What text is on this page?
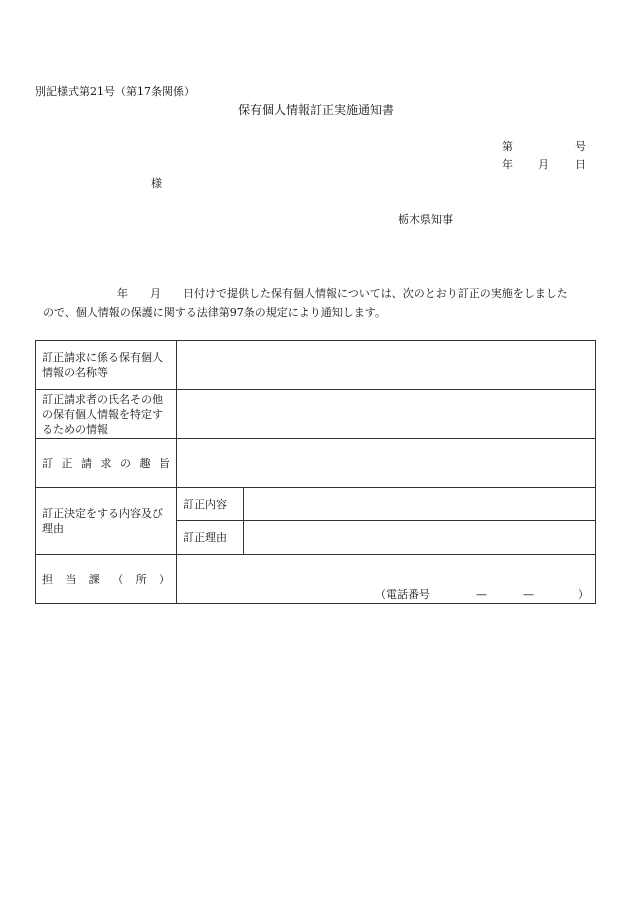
別記様式第21号（第17条関係）
保有個人情報訂正実施通知書
第	号
年 月 日
様
栃木県知事
年 月 日付けで提供した保有個人情報については、次のとおり訂正の実施をしました
ので、個人情報の保護に関する法律第97条の規定により通知します。
訂正請求に係る保有個人情報の名称等		
訂正請求者の氏名その他の保有個人情報を特定するための情報		
訂正請求の趣旨		
訂正決定をする内容及び理由	訂正内容	
	訂正理由	
担当課（所）	（電話番号 — — ）	
